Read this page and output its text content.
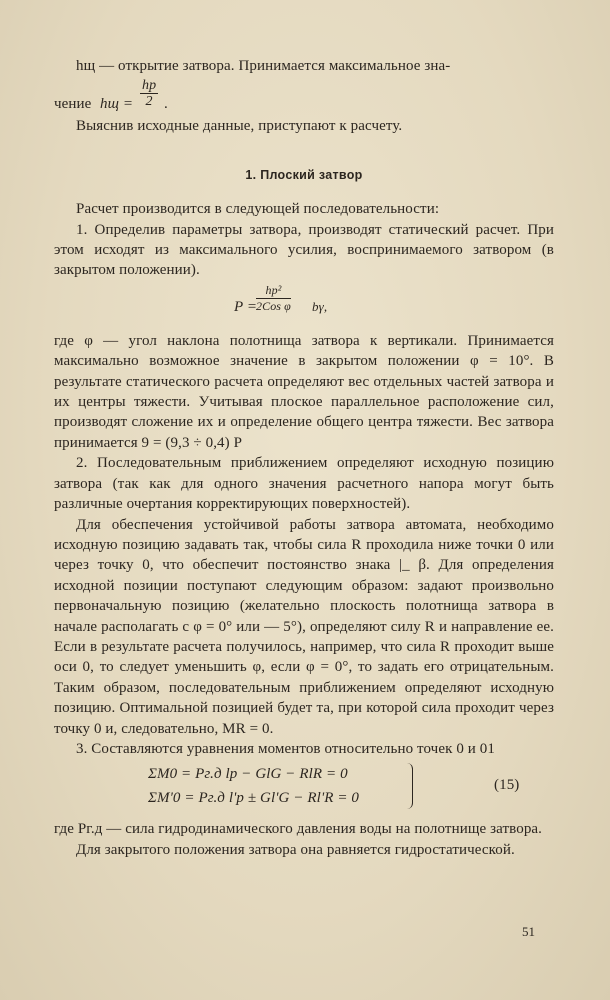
hщ — открытие затвора. Принимается максимальное зна-

чение hщ =
hр
2 .

Выяснив исходные данные, приступают к расчету.

1. Плоский затвор

Расчет производится в следующей последовательности:

1. Определив параметры затвора, производят статический расчет. При этом исходят из максимального усилия, воспринимаемого затвором (в закрытом положении).

P =
hр²
2Cos φ bγ,

где φ — угол наклона полотнища затвора к вертикали. Принимается максимально возможное значение в закрытом положении φ = 10°. В результате статического расчета определяют вес отдельных частей затвора и их центры тяжести. Учитывая плоское параллельное расположение сил, производят сложение их и определение общего центра тяжести. Вес затвора принимается 9 = (9,3 ÷ 0,4) P

2. Последовательным приближением определяют исходную позицию затвора (так как для одного значения расчетного напора могут быть различные очертания корректирующих поверхностей).

Для обеспечения устойчивой работы затвора автомата, необходимо исходную позицию задавать так, чтобы сила R проходила ниже точки 0 или через точку 0, что обеспечит постоянство знака |_ β. Для определения исходной позиции поступают следующим образом: задают произвольно первоначальную позицию (желательно плоскость полотнища затвора в начале располагать с φ = 0° или — 5°), определяют силу R и направление ее. Если в результате расчета получилось, например, что сила R проходит выше оси 0, то следует уменьшить φ, если φ = 0°, то задать его отрицательным. Таким образом, последовательным приближением определяют исходную позицию. Оптимальной позицией будет та, при которой сила проходит через точку 0 и, следовательно, MR = 0.

3. Составляются уравнения моментов относительно точек 0 и 01

ΣM0 = Pг.д lр − GlG − RlR = 0
ΣM'0 = Pг.д l'р ± Gl'G − Rl'R = 0
(15)

где Pг.д — сила гидродинамического давления воды на полотнище затвора.

Для закрытого положения затвора она равняется гидростатической.

51
